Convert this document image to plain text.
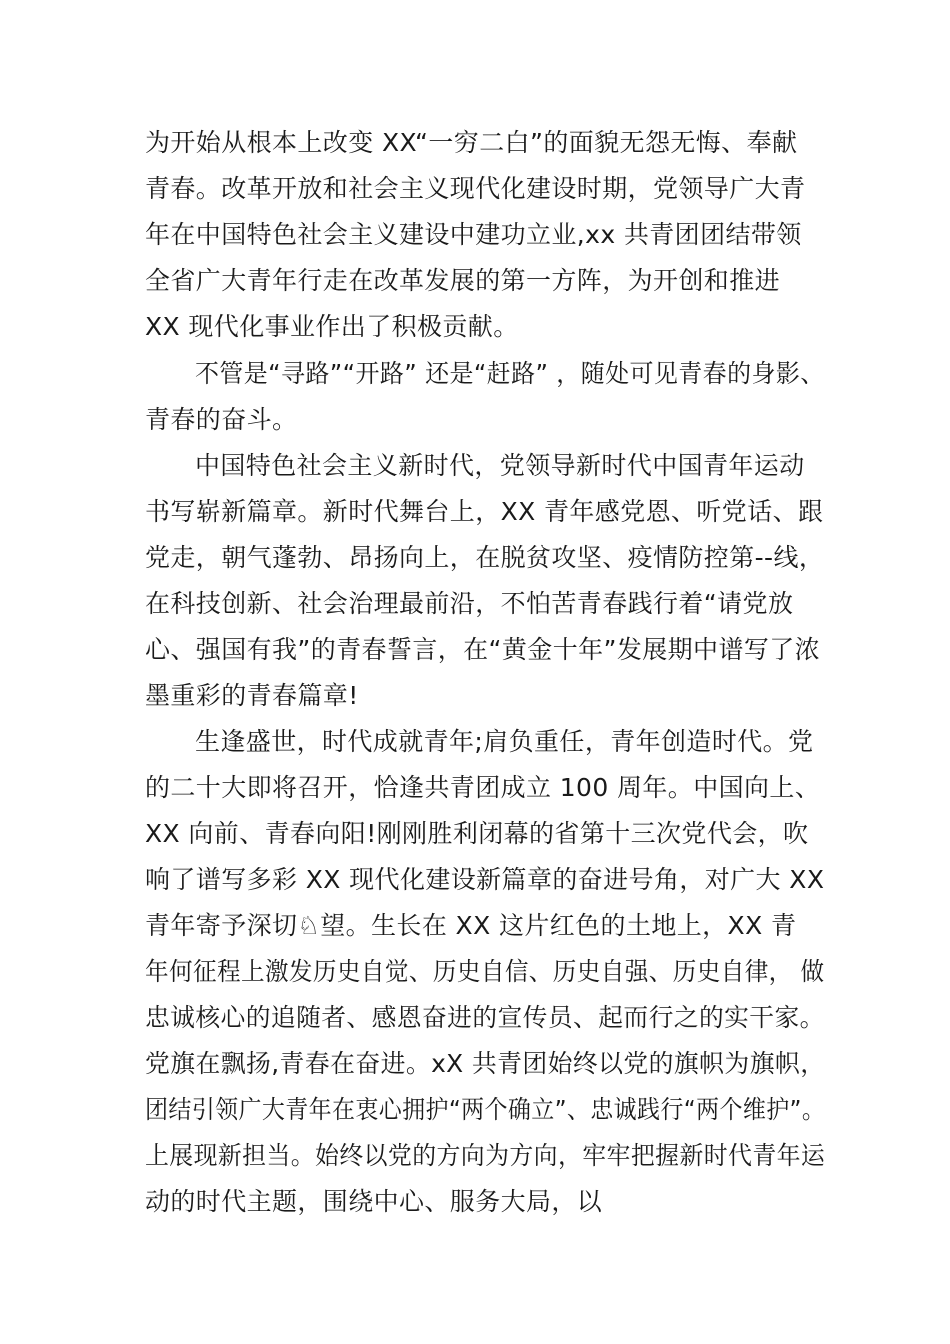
为开始从根本上改变 XX“一穷二白”的面貌无怨无悔、奉献
青春。改革开放和社会主义现代化建设时期，党领导广大青
年在中国特色社会主义建设中建功立业,xx 共青团团结带领
全省广大青年行走在改革发展的第一方阵，为开创和推进
XX 现代化事业作出了积极贡献。
不管是“寻路”“开路” 还是“赶路” ，随处可见青春的身影、
青春的奋斗。
中国特色社会主义新时代，党领导新时代中国青年运动
书写崭新篇章。新时代舞台上，XX 青年感党恩、听党话、跟
党走，朝气蓬勃、昂扬向上，在脱贫攻坚、疫情防控第--线，
在科技创新、社会治理最前沿，不怕苦青春践行着“请党放
心、强国有我”的青春誓言，在“黄金十年”发展期中谱写了浓
墨重彩的青春篇章!
生逢盛世，时代成就青年;肩负重任，青年创造时代。党
的二十大即将召开，恰逢共青团成立 100 周年。中国向上、
XX 向前、青春向阳!刚刚胜利闭幕的省第十三次党代会，吹
响了谱写多彩 XX 现代化建设新篇章的奋进号角，对广大 XX
青年寄予深切♘望。生长在 XX 这片红色的土地上，XX 青
年何征程上激发历史自觉、历史自信、历史自强、历史自律， 做
忠诚核心的追随者、感恩奋进的宣传员、起而行之的实干家。
党旗在飘扬,青春在奋进。xX 共青团始终以党的旗帜为旗帜，
团结引领广大青年在衷心拥护“两个确立”、忠诚践行“两个维护”。
上展现新担当。始终以党的方向为方向，牢牢把握新时代青年运
动的时代主题，围绕中心、服务大局，以
